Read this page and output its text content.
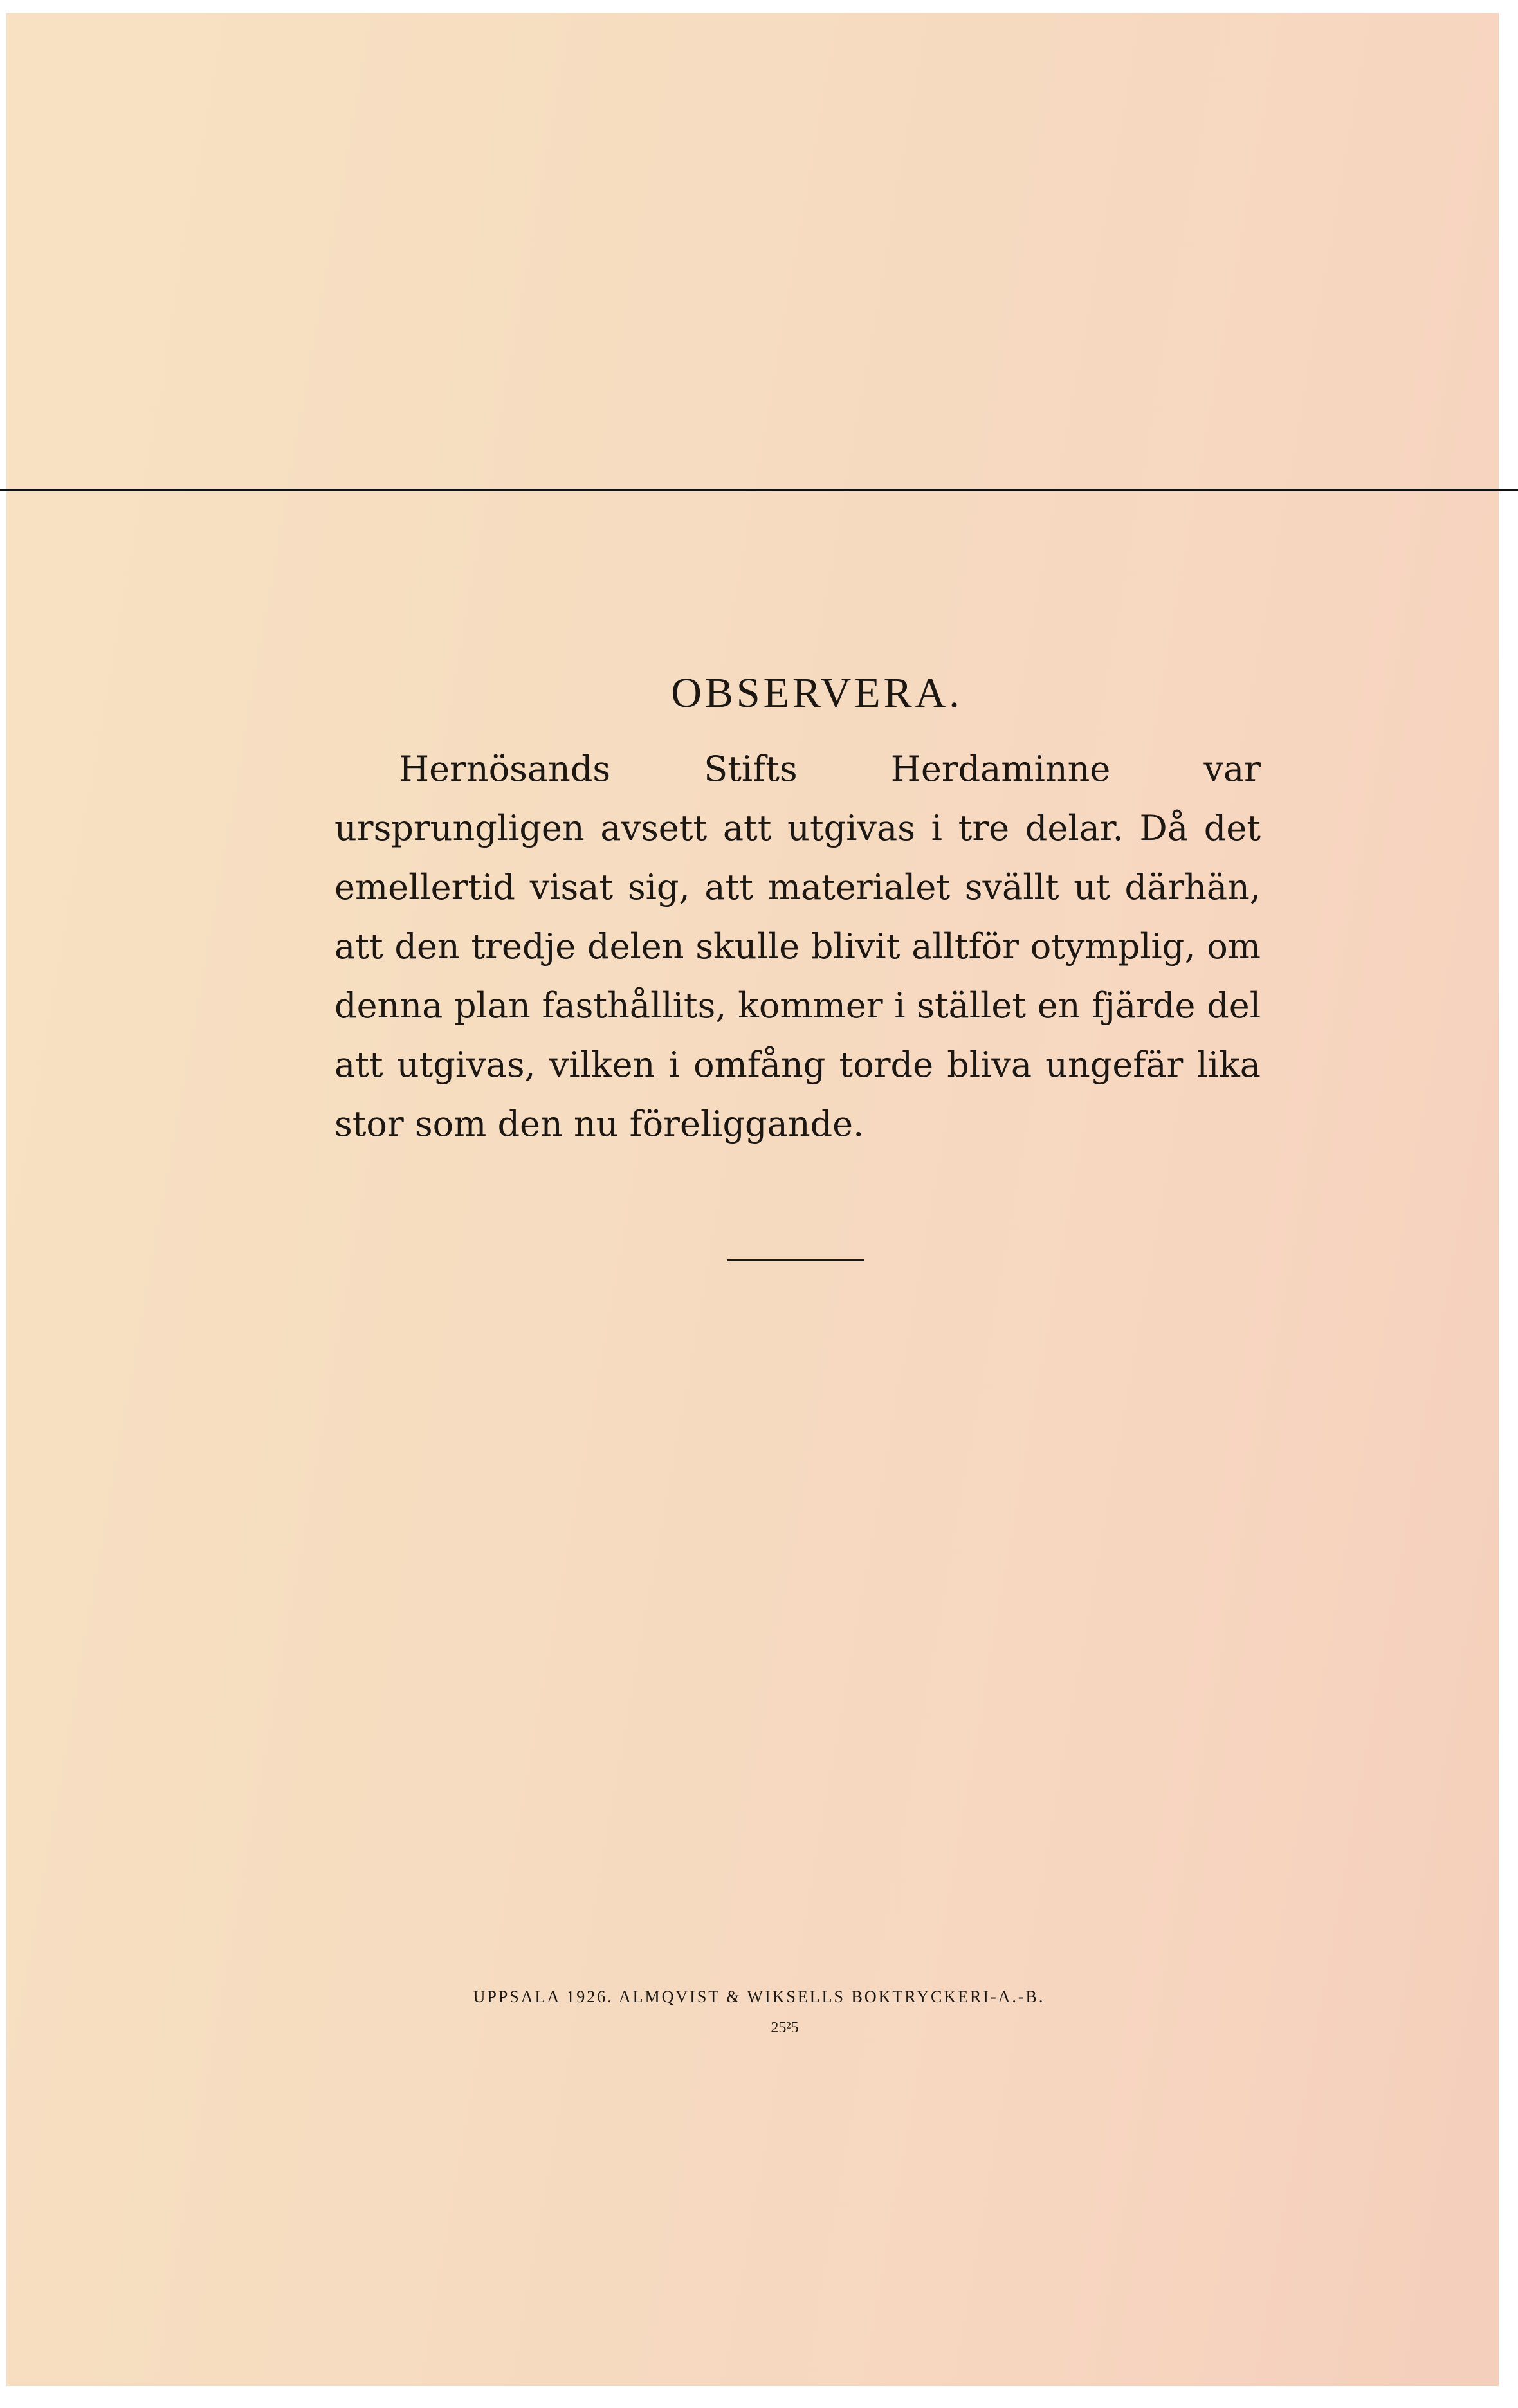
OBSERVERA.

Hernösands Stifts Herdaminne var ursprungligen avsett att utgivas i tre delar. Då det emellertid visat sig, att materialet svällt ut därhän, att den tredje delen skulle blivit alltför otymplig, om denna plan fasthållits, kommer i stället en fjärde del att utgivas, vilken i omfång torde bliva ungefär lika stor som den nu föreliggande.

UPPSALA 1926. ALMQVIST & WIKSELLS BOKTRYCKERI-A.-B.
25²5
